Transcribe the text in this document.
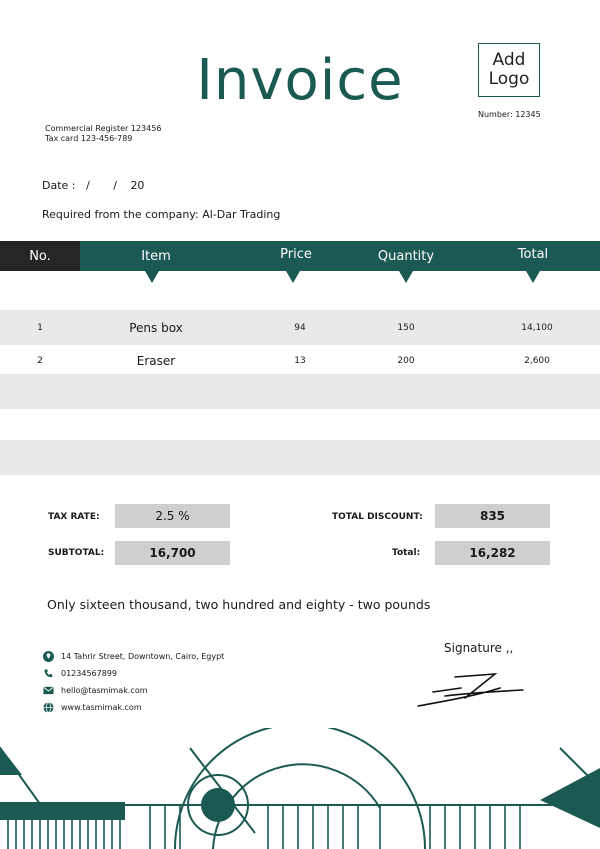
Invoice	Add
Logo
Number: 12345
Commercial Register 123456
Tax card 123-456-789
Date : / / 20
Required from the company: Al-Dar Trading
No.	Item	Price	Quantity	Total
1	Pens box	94	150	14,100
2	Eraser	13	200	2,600
TAX RATE:	2.5 %
SUBTOTAL:	16,700
TOTAL DISCOUNT:	835
Total:	16,282
Only sixteen thousand, two hundred and eighty - two pounds
14 Tahrir Street, Downtown, Cairo, Egypt
01234567899
hello@tasmimak.com
www.tasmimak.com
Signature ,,
